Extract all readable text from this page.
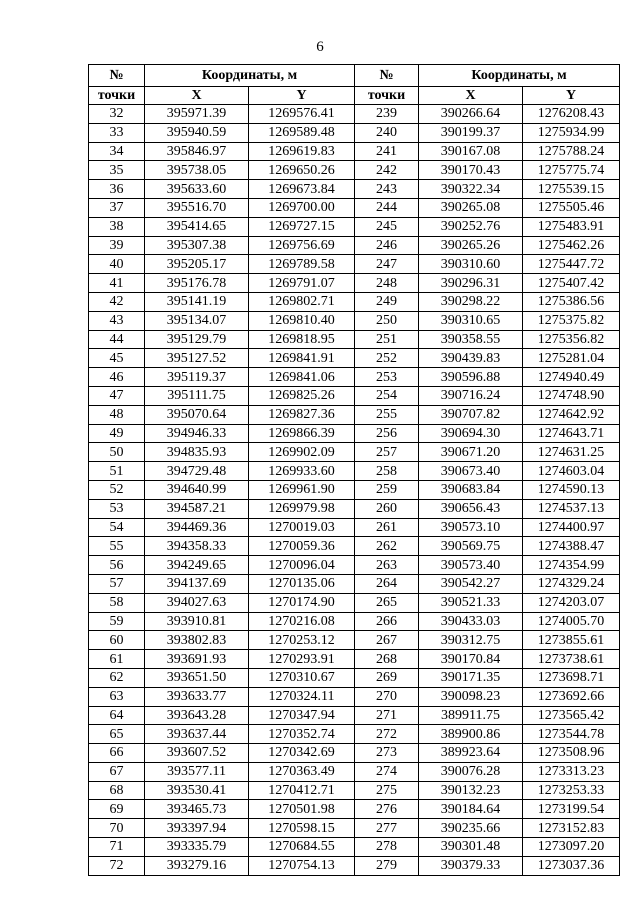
6
№	Координаты, м		№	Координаты, м	
точки	X	Y	точки	X	Y
32	395971.39	1269576.41	239	390266.64	1276208.43
33	395940.59	1269589.48	240	390199.37	1275934.99
34	395846.97	1269619.83	241	390167.08	1275788.24
35	395738.05	1269650.26	242	390170.43	1275775.74
36	395633.60	1269673.84	243	390322.34	1275539.15
37	395516.70	1269700.00	244	390265.08	1275505.46
38	395414.65	1269727.15	245	390252.76	1275483.91
39	395307.38	1269756.69	246	390265.26	1275462.26
40	395205.17	1269789.58	247	390310.60	1275447.72
41	395176.78	1269791.07	248	390296.31	1275407.42
42	395141.19	1269802.71	249	390298.22	1275386.56
43	395134.07	1269810.40	250	390310.65	1275375.82
44	395129.79	1269818.95	251	390358.55	1275356.82
45	395127.52	1269841.91	252	390439.83	1275281.04
46	395119.37	1269841.06	253	390596.88	1274940.49
47	395111.75	1269825.26	254	390716.24	1274748.90
48	395070.64	1269827.36	255	390707.82	1274642.92
49	394946.33	1269866.39	256	390694.30	1274643.71
50	394835.93	1269902.09	257	390671.20	1274631.25
51	394729.48	1269933.60	258	390673.40	1274603.04
52	394640.99	1269961.90	259	390683.84	1274590.13
53	394587.21	1269979.98	260	390656.43	1274537.13
54	394469.36	1270019.03	261	390573.10	1274400.97
55	394358.33	1270059.36	262	390569.75	1274388.47
56	394249.65	1270096.04	263	390573.40	1274354.99
57	394137.69	1270135.06	264	390542.27	1274329.24
58	394027.63	1270174.90	265	390521.33	1274203.07
59	393910.81	1270216.08	266	390433.03	1274005.70
60	393802.83	1270253.12	267	390312.75	1273855.61
61	393691.93	1270293.91	268	390170.84	1273738.61
62	393651.50	1270310.67	269	390171.35	1273698.71
63	393633.77	1270324.11	270	390098.23	1273692.66
64	393643.28	1270347.94	271	389911.75	1273565.42
65	393637.44	1270352.74	272	389900.86	1273544.78
66	393607.52	1270342.69	273	389923.64	1273508.96
67	393577.11	1270363.49	274	390076.28	1273313.23
68	393530.41	1270412.71	275	390132.23	1273253.33
69	393465.73	1270501.98	276	390184.64	1273199.54
70	393397.94	1270598.15	277	390235.66	1273152.83
71	393335.79	1270684.55	278	390301.48	1273097.20
72	393279.16	1270754.13	279	390379.33	1273037.36
